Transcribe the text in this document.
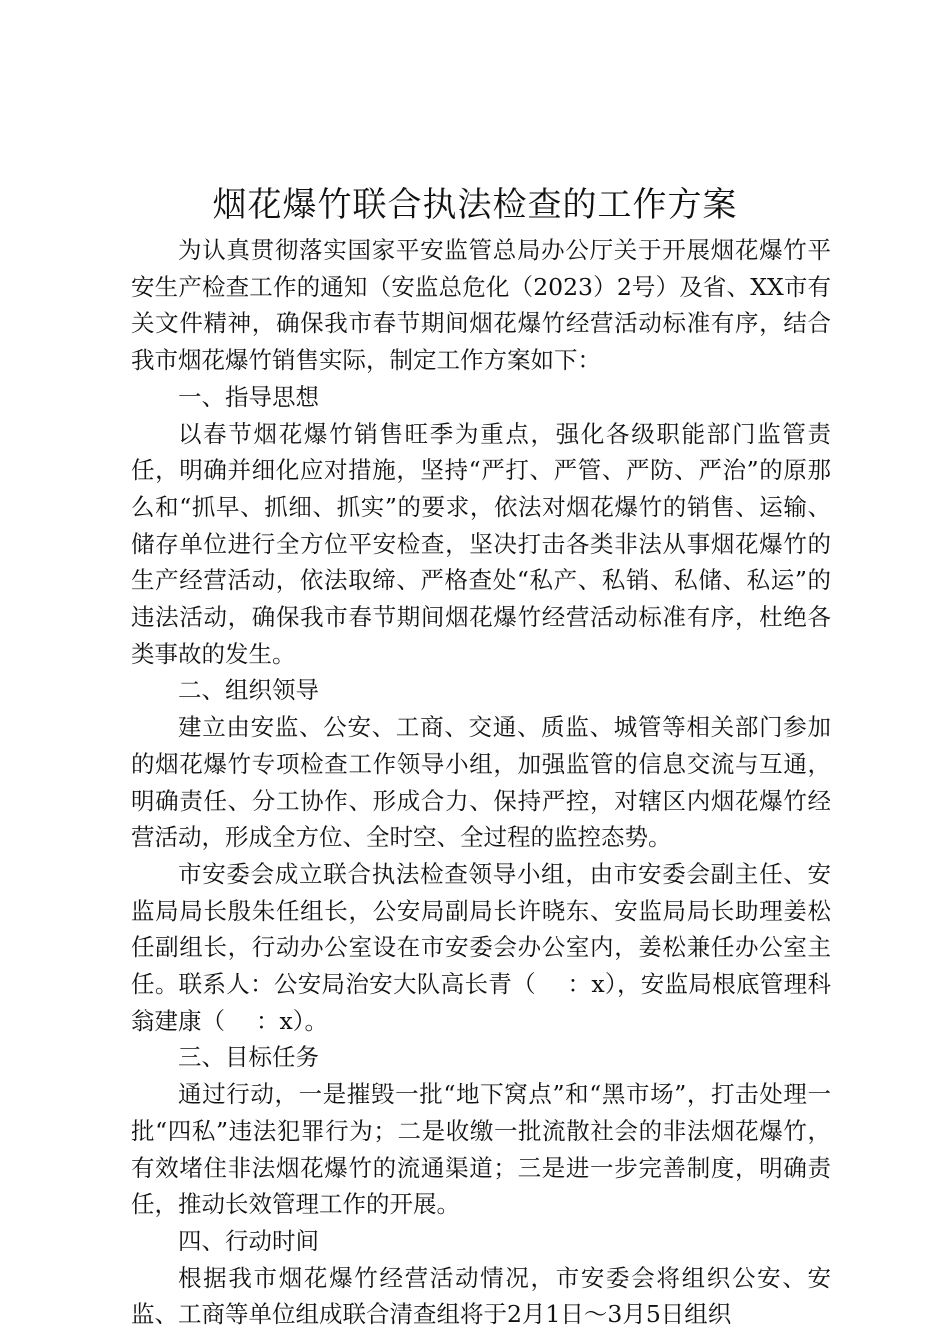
烟花爆竹联合执法检查的工作方案

为认真贯彻落实国家平安监管总局办公厅关于开展烟花爆竹平安生产检查工作的通知（安监总危化（2023）2号）及省、XX市有关文件精神，确保我市春节期间烟花爆竹经营活动标准有序，结合我市烟花爆竹销售实际，制定工作方案如下：

一、指导思想

以春节烟花爆竹销售旺季为重点，强化各级职能部门监管责任，明确并细化应对措施，坚持“严打、严管、严防、严治”的原那么和“抓早、抓细、抓实”的要求，依法对烟花爆竹的销售、运输、储存单位进行全方位平安检查，坚决打击各类非法从事烟花爆竹的生产经营活动，依法取缔、严格查处“私产、私销、私储、私运”的违法活动，确保我市春节期间烟花爆竹经营活动标准有序，杜绝各类事故的发生。

二、组织领导

建立由安监、公安、工商、交通、质监、城管等相关部门参加的烟花爆竹专项检查工作领导小组，加强监管的信息交流与互通，明确责任、分工协作、形成合力、保持严控，对辖区内烟花爆竹经营活动，形成全方位、全时空、全过程的监控态势。

市安委会成立联合执法检查领导小组，由市安委会副主任、安监局局长殷朱任组长，公安局副局长许晓东、安监局局长助理姜松任副组长，行动办公室设在市安委会办公室内，姜松兼任办公室主任。联系人：公安局治安大队高长青（　 ：x），安监局根底管理科翁建康（　 ：x）。

三、目标任务

通过行动，一是摧毁一批“地下窝点”和“黑市场”，打击处理一批“四私”违法犯罪行为；二是收缴一批流散社会的非法烟花爆竹，有效堵住非法烟花爆竹的流通渠道；三是进一步完善制度，明确责任，推动长效管理工作的开展。

四、行动时间

根据我市烟花爆竹经营活动情况，市安委会将组织公安、安监、工商等单位组成联合清查组将于2月1日～3月5日组织
